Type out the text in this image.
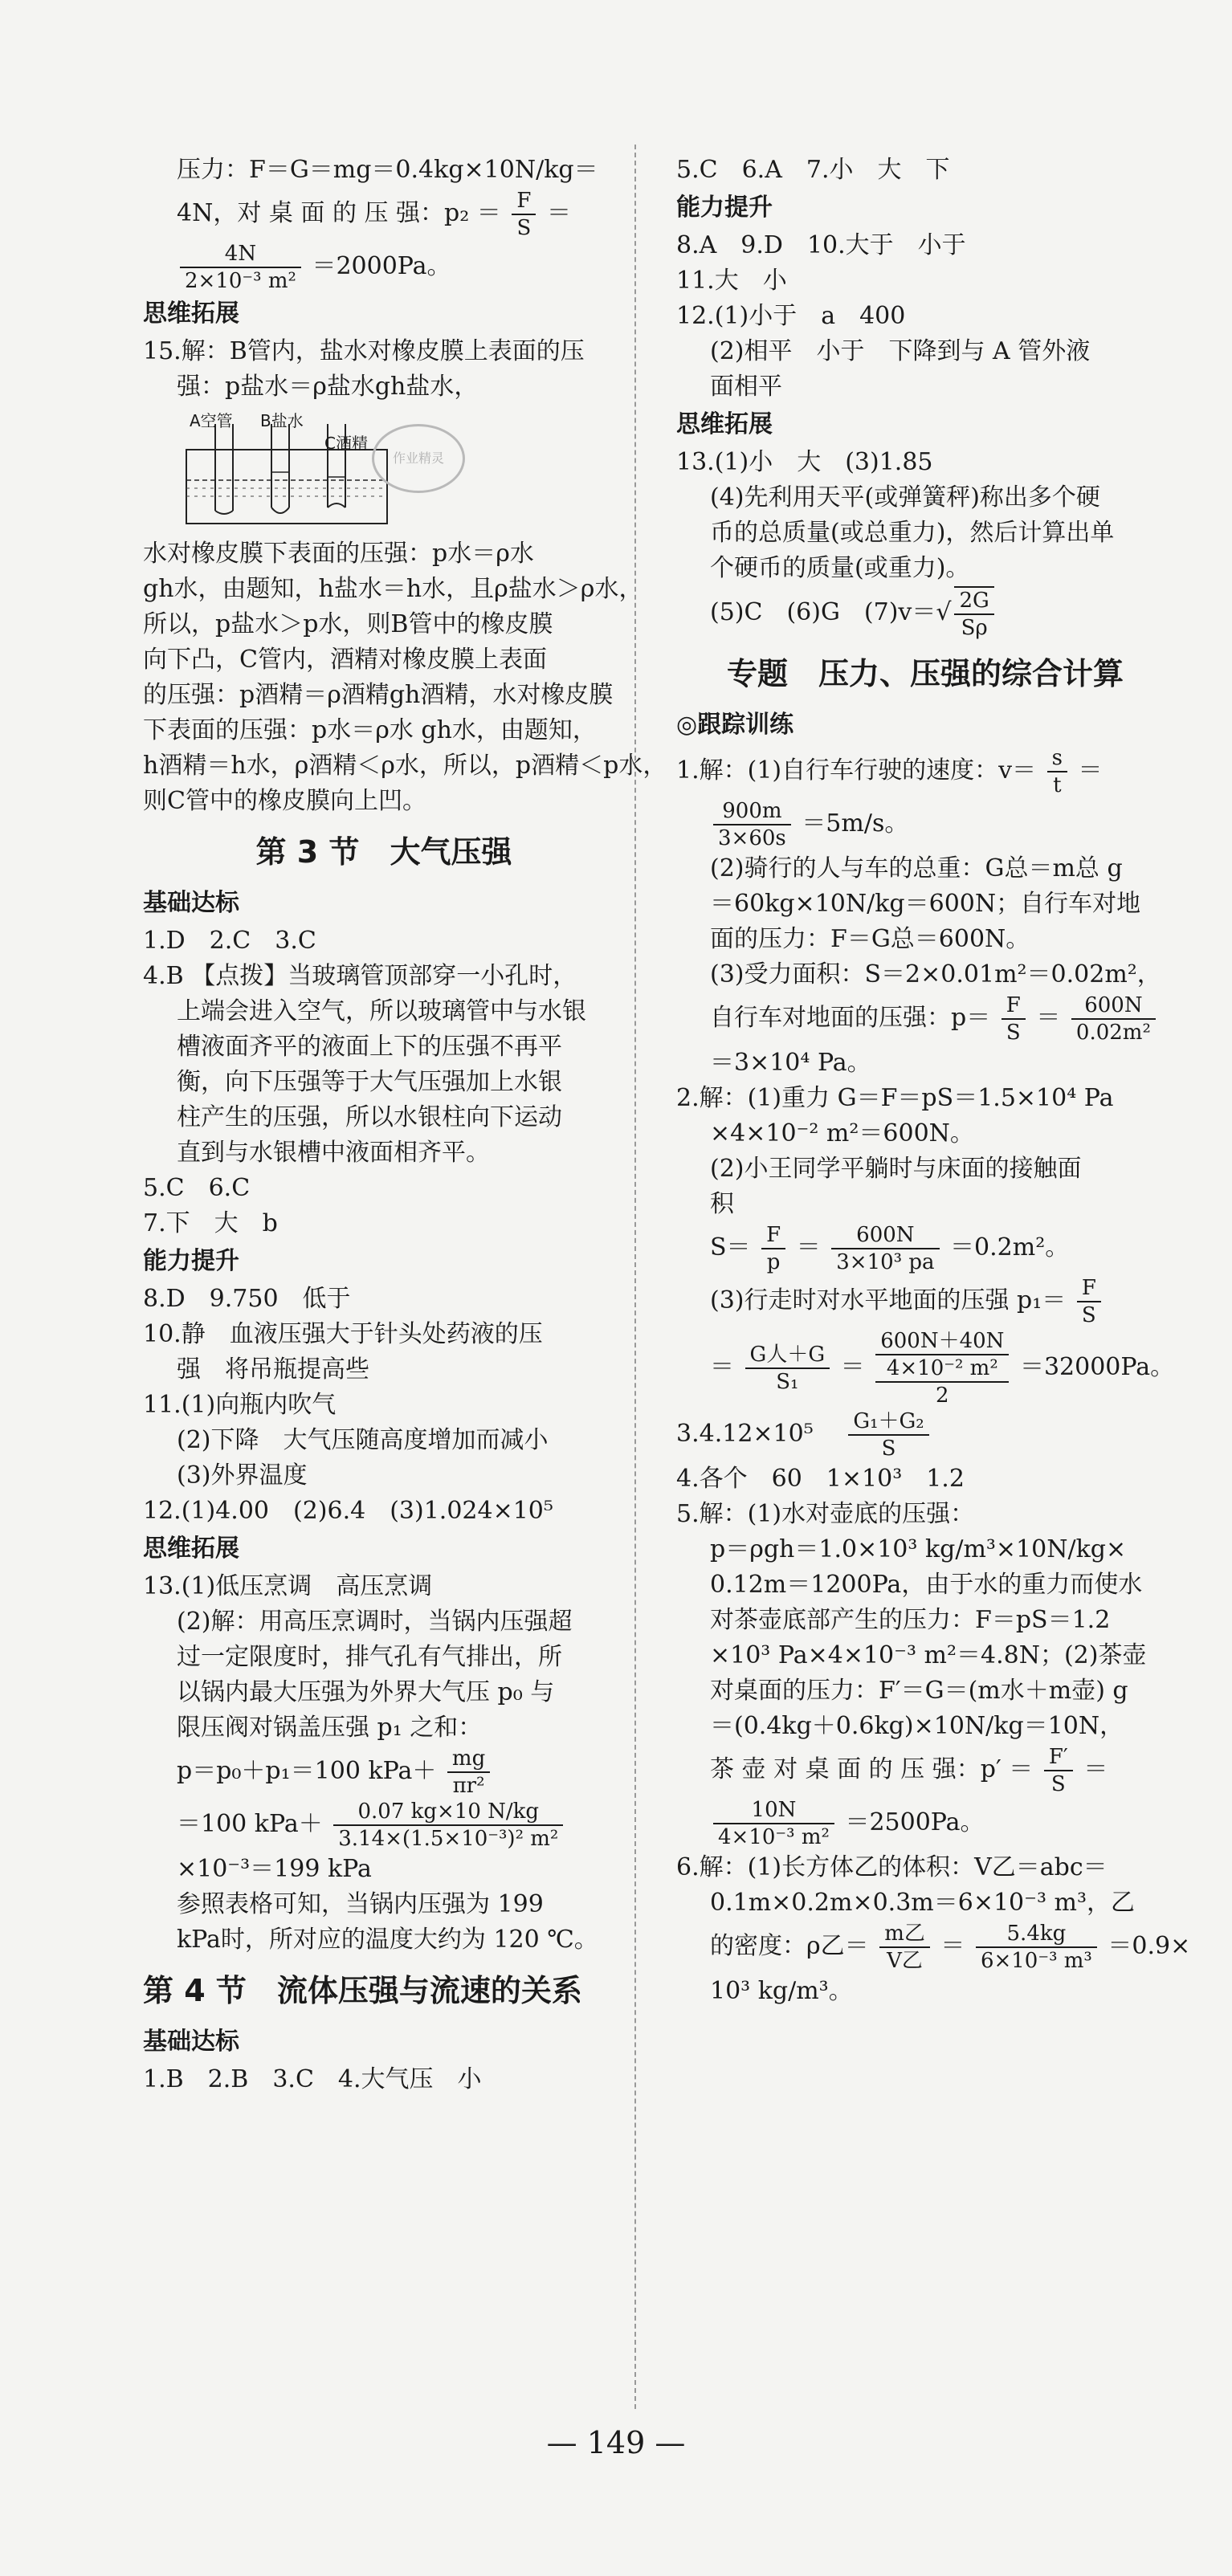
压力：F＝G＝mg＝0.4kg×10N/kg＝

4N，对 桌 面 的 压 强：$p_2 = \frac{F}{S}$ ＝

$\frac{4N}{\text{2×10⁻³ m²}} =2000Pa$。

思维拓展

15.解：B管内，盐水对橡皮膜上表面的压

强：p盐水＝ρ盐水gh盐水，

A空管 B盐水
C酒精
作业精灵

水对橡皮膜下表面的压强：p水＝ρ水

gh水，由题知，h盐水＝h水，且ρ盐水＞ρ水，

所以，p盐水＞p水，则B管中的橡皮膜

向下凸，C管内，酒精对橡皮膜上表面

的压强：p酒精＝ρ酒精gh酒精，水对橡皮膜

下表面的压强：p水＝ρ水 gh水，由题知，

h酒精＝h水，ρ酒精＜ρ水，所以，p酒精＜p水，

则C管中的橡皮膜向上凹。

第 3 节　大气压强

基础达标

1.D　2.C　3.C

4.B 【点拨】当玻璃管顶部穿一小孔时，

上端会进入空气，所以玻璃管中与水银

槽液面齐平的液面上下的压强不再平

衡，向下压强等于大气压强加上水银

柱产生的压强，所以水银柱向下运动

直到与水银槽中液面相齐平。

5.C　6.C

7.下　大　b

能力提升

8.D　9.750　低于

10.静　血液压强大于针头处药液的压

强　将吊瓶提高些

11.(1)向瓶内吹气

(2)下降　大气压随高度增加而减小

(3)外界温度

12.(1)4.00　(2)6.4　(3)1.024×10⁵

思维拓展

13.(1)低压烹调　高压烹调

(2)解：用高压烹调时，当锅内压强超

过一定限度时，排气孔有气排出，所

以锅内最大压强为外界大气压 p₀ 与

限压阀对锅盖压强 p₁ 之和：

p＝p₀＋p₁＝100 $kPa+ \frac{mg}{\text{πr²}}$

＝100 $kPa+ \frac{0.07 kg\times 10 N/kg}{\text{3.14×(1.5×10⁻³)² m²}}$

×10⁻³＝199 kPa

参照表格可知，当锅内压强为 199

kPa时，所对应的温度大约为 120 ℃。

第 4 节　流体压强与流速的关系

基础达标

1.B　2.B　3.C　4.大气压　小

5.C　6.A　7.小　大　下

能力提升

8.A　9.D　10.大于　小于

11.大　小

12.(1)小于　a　400

(2)相平　小于　下降到与 A 管外液

面相平

思维拓展

13.(1)小　大　(3)1.85

(4)先利用天平(或弹簧秤)称出多个硬

币的总质量(或总重力)，然后计算出单

个硬币的质量(或重力)。

(5)C　(6)G　$(7)v=√ \frac{2G}{S\rho}$

专题　压力、压强的综合计算

◎跟踪训练

1.解：(1)自行车行驶的速度：$v= \frac{s}{t}$ ＝

$\frac{900m}{3\times 60s} =5m/s$。

(2)骑行的人与车的总重：G总＝m总 g

＝60kg×10N/kg＝600N；自行车对地

面的压力：F＝G总＝600N。

(3)受力面积：S＝2×0.01m²＝0.02m²，

自行车对地面的压强：$p= \frac{F}{S} = \frac{600N}{\text{0.02m²}}$

＝3×10⁴ Pa。

2.解：(1)重力 G＝F＝pS＝1.5×10⁴ Pa

×4×10⁻² m²＝600N。

(2)小王同学平躺时与床面的接触面

积

$S= \frac{F}{p} = \frac{600N}{\text{3×10³ pa}} =0.2m^2$。

(3)行走时对水平地面的压强 $p_1= \frac{F}{S}$

＝ $\frac{\text{G人＋G}}{\text{S₁}}$ ＝
600N＋40N
4×10⁻² m²
2
＝32000Pa。

3.4.12×10⁵　 $\frac{\text{G₁＋G₂}}{S}$

4.各个　60　1×10³　1.2

5.解：(1)水对壶底的压强：

p＝ρgh＝1.0×10³ kg/m³×10N/kg×

0.12m＝1200Pa，由于水的重力而使水

对茶壶底部产生的压力：F＝pS＝1.2

×10³ Pa×4×10⁻³ m²＝4.8N；(2)茶壶

对桌面的压力：F′＝G＝(m水＋m壶) g

＝(0.4kg＋0.6kg)×10N/kg＝10N，

茶 壶 对 桌 面 的 压 强：$p' = \frac{F'}{S}$ ＝

$\frac{10N}{\text{4×10⁻³ m²}} =2500Pa$。

6.解：(1)长方体乙的体积：V乙＝abc＝

0.1m×0.2m×0.3m＝6×10⁻³ m³，乙

的密度：ρ乙＝ $\frac{\text{m乙}}{\text{V乙}} = \frac{5.4kg}{\text{6×10⁻³ m³}} =0.9\times$

10³ kg/m³。

— 149 —
